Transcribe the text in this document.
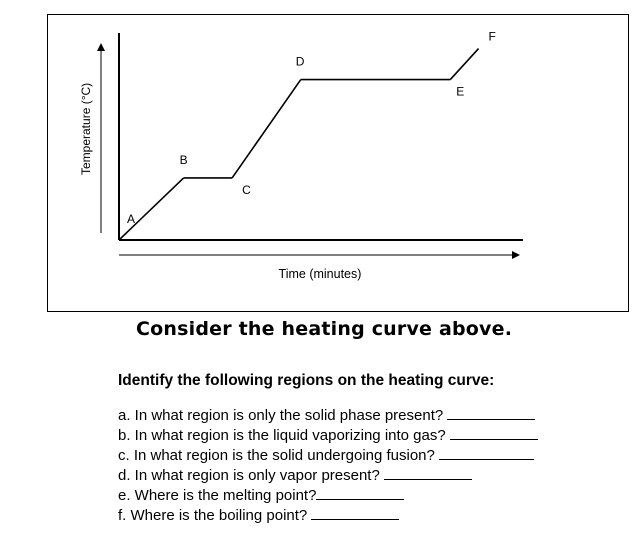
Temperature (°C)
Time (minutes)
A
B
C
D
E
F
Consider the heating curve above.
Identify the following regions on the heating curve:
a. In what region is only the solid phase present?
b. In what region is the liquid vaporizing into gas?
c. In what region is the solid undergoing fusion?
d. In what region is only vapor present?
e. Where is the melting point?
f. Where is the boiling point?
